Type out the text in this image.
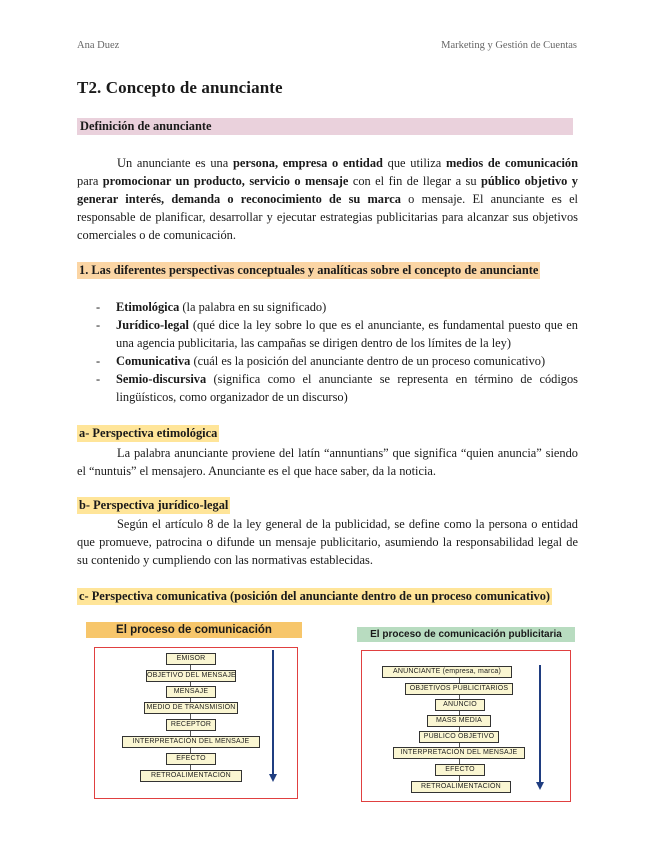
Ana Duez	Marketing y Gestión de Cuentas
T2. Concepto de anunciante
Definición de anunciante
Un anunciante es una persona, empresa o entidad que utiliza medios de comunicación para promocionar un producto, servicio o mensaje con el fin de llegar a su público objetivo y generar interés, demanda o reconocimiento de su marca o mensaje. El anunciante es el responsable de planificar, desarrollar y ejecutar estrategias publicitarias para alcanzar sus objetivos comerciales o de comunicación.
1. Las diferentes perspectivas conceptuales y analíticas sobre el concepto de anunciante
- Etimológica (la palabra en su significado)
- Jurídico-legal (qué dice la ley sobre lo que es el anunciante, es fundamental puesto que en una agencia publicitaria, las campañas se dirigen dentro de los límites de la ley)
- Comunicativa (cuál es la posición del anunciante dentro de un proceso comunicativo)
- Semio-discursiva (significa como el anunciante se representa en término de códigos lingüísticos, como organizador de un discurso)
a- Perspectiva etimológica
La palabra anunciante proviene del latín “annuntians” que significa “quien anuncia” siendo el “nuntuis” el mensajero. Anunciante es el que hace saber, da la noticia.
b- Perspectiva jurídico-legal
Según el artículo 8 de la ley general de la publicidad, se define como la persona o entidad que promueve, patrocina o difunde un mensaje publicitario, asumiendo la responsabilidad legal de su contenido y cumpliendo con las normativas establecidas.
c- Perspectiva comunicativa (posición del anunciante dentro de un proceso comunicativo)
El proceso de comunicación
EMISOR
OBJETIVO DEL MENSAJE
MENSAJE
MEDIO DE TRANSMISIÓN
RECEPTOR
INTERPRETACIÓN DEL MENSAJE
EFECTO
RETROALIMENTACIÓN
El proceso de comunicación publicitaria
ANUNCIANTE (empresa, marca)
OBJETIVOS PUBLICITARIOS
ANUNCIO
MASS MEDIA
PÚBLICO OBJETIVO
INTERPRETACIÓN DEL MENSAJE
EFECTO
RETROALIMENTACIÓN
